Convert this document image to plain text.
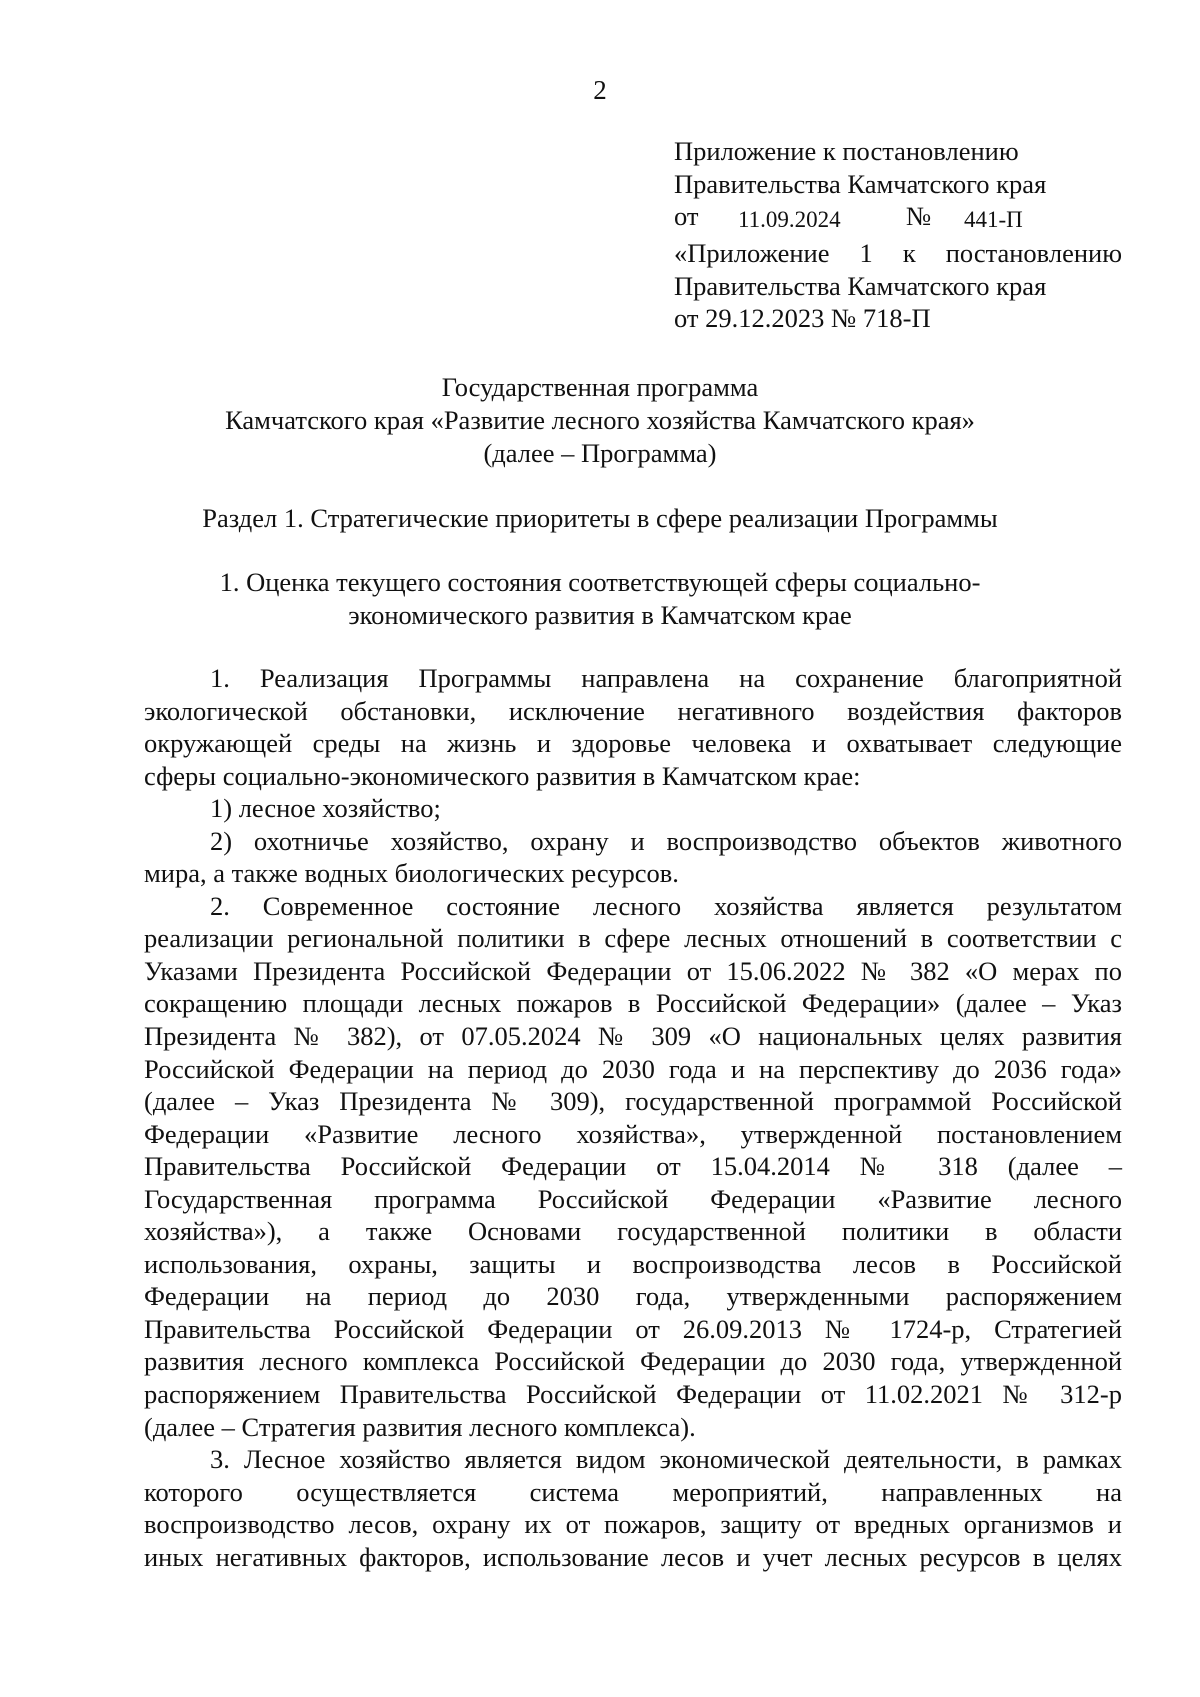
2
Приложение к постановлению
Правительства Камчатского края
от 11.09.2024 № 441-П
«Приложение 1 к постановлению
Правительства Камчатского края
от 29.12.2023 № 718-П
Государственная программа
Камчатского края «Развитие лесного хозяйства Камчатского края»
(далее – Программа)
Раздел 1. Стратегические приоритеты в сфере реализации Программы
1. Оценка текущего состояния соответствующей сферы социально-
экономического развития в Камчатском крае
1. Реализация Программы направлена на сохранение благоприятной
экологической обстановки, исключение негативного воздействия факторов
окружающей среды на жизнь и здоровье человека и охватывает следующие
сферы социально-экономического развития в Камчатском крае:
1) лесное хозяйство;
2) охотничье хозяйство, охрану и воспроизводство объектов животного
мира, а также водных биологических ресурсов.
2. Современное состояние лесного хозяйства является результатом
реализации региональной политики в сфере лесных отношений в соответствии с
Указами Президента Российской Федерации от 15.06.2022 № 382 «О мерах по
сокращению площади лесных пожаров в Российской Федерации» (далее – Указ
Президента № 382), от 07.05.2024 № 309 «О национальных целях развития
Российской Федерации на период до 2030 года и на перспективу до 2036 года»
(далее – Указ Президента № 309), государственной программой Российской
Федерации «Развитие лесного хозяйства», утвержденной постановлением
Правительства Российской Федерации от 15.04.2014 № 318 (далее –
Государственная программа Российской Федерации «Развитие лесного
хозяйства»), а также Основами государственной политики в области
использования, охраны, защиты и воспроизводства лесов в Российской
Федерации на период до 2030 года, утвержденными распоряжением
Правительства Российской Федерации от 26.09.2013 № 1724-р, Стратегией
развития лесного комплекса Российской Федерации до 2030 года, утвержденной
распоряжением Правительства Российской Федерации от 11.02.2021 № 312-р
(далее – Стратегия развития лесного комплекса).
3. Лесное хозяйство является видом экономической деятельности, в рамках
которого осуществляется система мероприятий, направленных на
воспроизводство лесов, охрану их от пожаров, защиту от вредных организмов и
иных негативных факторов, использование лесов и учет лесных ресурсов в целях
